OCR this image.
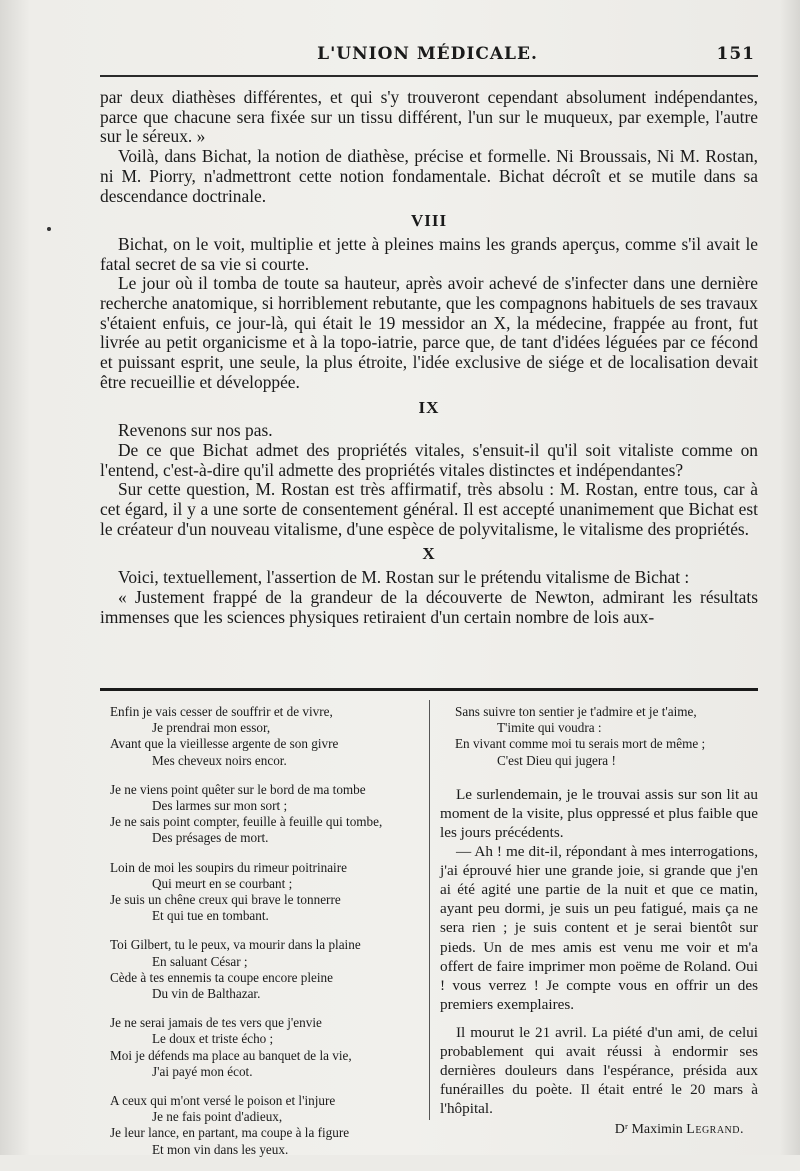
L'UNION MÉDICALE.	151

par deux diathèses différentes, et qui s'y trouveront cependant absolument indépendantes, parce que chacune sera fixée sur un tissu différent, l'un sur le muqueux, par exemple, l'autre sur le séreux. »

Voilà, dans Bichat, la notion de diathèse, précise et formelle. Ni Broussais, Ni M. Rostan, ni M. Piorry, n'admettront cette notion fondamentale. Bichat décroît et se mutile dans sa descendance doctrinale.

VIII

Bichat, on le voit, multiplie et jette à pleines mains les grands aperçus, comme s'il avait le fatal secret de sa vie si courte.

Le jour où il tomba de toute sa hauteur, après avoir achevé de s'infecter dans une dernière recherche anatomique, si horriblement rebutante, que les compagnons habituels de ses travaux s'étaient enfuis, ce jour-là, qui était le 19 messidor an X, la médecine, frappée au front, fut livrée au petit organicisme et à la topo-iatrie, parce que, de tant d'idées léguées par ce fécond et puissant esprit, une seule, la plus étroite, l'idée exclusive de siége et de localisation devait être recueillie et développée.

IX

Revenons sur nos pas.

De ce que Bichat admet des propriétés vitales, s'ensuit-il qu'il soit vitaliste comme on l'entend, c'est-à-dire qu'il admette des propriétés vitales distinctes et indépendantes?

Sur cette question, M. Rostan est très affirmatif, très absolu : M. Rostan, entre tous, car à cet égard, il y a une sorte de consentement général. Il est accepté unanimement que Bichat est le créateur d'un nouveau vitalisme, d'une espèce de polyvitalisme, le vitalisme des propriétés.

X

Voici, textuellement, l'assertion de M. Rostan sur le prétendu vitalisme de Bichat :

« Justement frappé de la grandeur de la découverte de Newton, admirant les résultats immenses que les sciences physiques retiraient d'un certain nombre de lois aux-

Enfin je vais cesser de souffrir et de vivre,
Je prendrai mon essor,
Avant que la vieillesse argente de son givre
Mes cheveux noirs encor.
Je ne viens point quêter sur le bord de ma tombe
Des larmes sur mon sort ;
Je ne sais point compter, feuille à feuille qui tombe,
Des présages de mort.
Loin de moi les soupirs du rimeur poitrinaire
Qui meurt en se courbant ;
Je suis un chêne creux qui brave le tonnerre
Et qui tue en tombant.
Toi Gilbert, tu le peux, va mourir dans la plaine
En saluant César ;
Cède à tes ennemis ta coupe encore pleine
Du vin de Balthazar.
Je ne serai jamais de tes vers que j'envie
Le doux et triste écho ;
Moi je défends ma place au banquet de la vie,
J'ai payé mon écot.
A ceux qui m'ont versé le poison et l'injure
Je ne fais point d'adieux,
Je leur lance, en partant, ma coupe à la figure
Et mon vin dans les yeux.
Sans suivre ton sentier je t'admire et je t'aime,
T'imite qui voudra :
En vivant comme moi tu serais mort de même ;
C'est Dieu qui jugera !

Le surlendemain, je le trouvai assis sur son lit au moment de la visite, plus oppressé et plus faible que les jours précédents.

— Ah ! me dit-il, répondant à mes interrogations, j'ai éprouvé hier une grande joie, si grande que j'en ai été agité une partie de la nuit et que ce matin, ayant peu dormi, je suis un peu fatigué, mais ça ne sera rien ; je suis content et je serai bientôt sur pieds. Un de mes amis est venu me voir et m'a offert de faire imprimer mon poëme de Roland. Oui ! vous verrez ! Je compte vous en offrir un des premiers exemplaires.

Il mourut le 21 avril. La piété d'un ami, de celui probablement qui avait réussi à endormir ses dernières douleurs dans l'espérance, présida aux funérailles du poète. Il était entré le 20 mars à l'hôpital.

Dʳ Maximin Legrand.
